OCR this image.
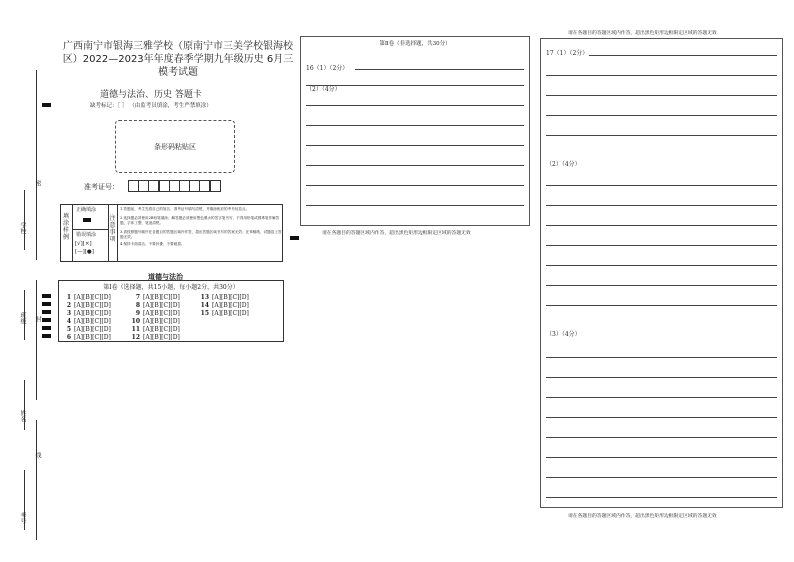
密
封
线
学校
班级
姓名
考号
广西南宁市银海三雅学校（原南宁市三美学校银海校区）2022—2023年年度春季学期九年级历史 6月三模考试题
道德与法治、历史 答题卡
缺考标记：［ ］ （由监考员填涂，考生严禁填涂）
条形码粘贴区
准考证号：
填涂样例
正确填涂
错误填涂
[√][×]
[—][●]
注意事项
1.答题前，考生先将自己的姓名、准考证号填写清楚，并填涂相应的考号信息点。
2.选择题必须使用2B铅笔填涂；解答题必须使用黑色墨水的签字笔书写，不得用铅笔或圆珠笔作解答题，字体工整、笔迹清楚。
3.请按照题号顺序在各题目的答题区域内作答，超出答题区域书写的答案无效；在草稿纸、试题卷上答题无效。
4.保持卡面清洁，不要折叠、不要破损。
道德与法治
第Ⅰ卷（选择题，共15小题，每小题2分，共30分）
1 [A][B][C][D]
2 [A][B][C][D]
3 [A][B][C][D]
4 [A][B][C][D]
5 [A][B][C][D]
6 [A][B][C][D]
7 [A][B][C][D]
8 [A][B][C][D]
9 [A][B][C][D]
10 [A][B][C][D]
11 [A][B][C][D]
12 [A][B][C][D]
13 [A][B][C][D]
14 [A][B][C][D]
15 [A][B][C][D]
第Ⅱ卷（非选择题，共30分）
16（1）（2分）
（2）（4分）
请在各题目的答题区域内作答，超出黑色矩形边框限定区域的答题无效
请在各题目的答题区域内作答，超出黑色矩形边框限定区域的答题无效
17（1）（2分）
（2）（4分）
（3）（4分）
请在各题目的答题区域内作答，超出黑色矩形边框限定区域的答题无效
